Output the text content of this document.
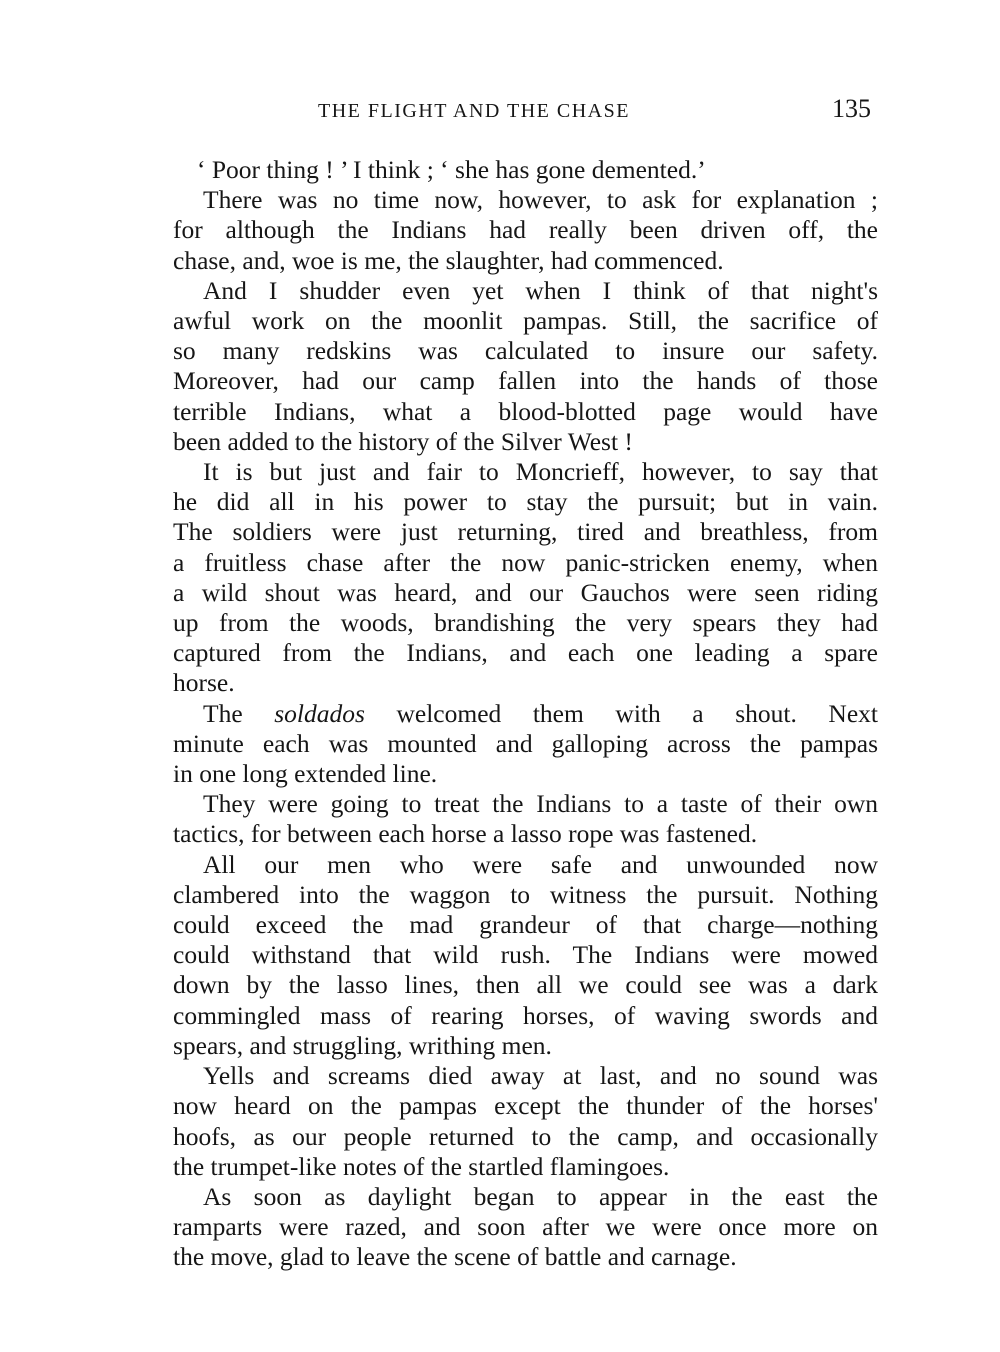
THE FLIGHT AND THE CHASE	135

‘ Poor thing ! ’ I think ; ‘ she has gone demented.’

There was no time now, however, to ask for explanation ;
for although the Indians had really been driven off, the
chase, and, woe is me, the slaughter, had commenced.

And I shudder even yet when I think of that night's
awful work on the moonlit pampas. Still, the sacrifice of
so many redskins was calculated to insure our safety.
Moreover, had our camp fallen into the hands of those
terrible Indians, what a blood-blotted page would have
been added to the history of the Silver West !

It is but just and fair to Moncrieff, however, to say that
he did all in his power to stay the pursuit; but in vain.
The soldiers were just returning, tired and breathless, from
a fruitless chase after the now panic-stricken enemy, when
a wild shout was heard, and our Gauchos were seen riding
up from the woods, brandishing the very spears they had
captured from the Indians, and each one leading a spare
horse.

The soldados welcomed them with a shout. Next
minute each was mounted and galloping across the pampas
in one long extended line.

They were going to treat the Indians to a taste of their own
tactics, for between each horse a lasso rope was fastened.

All our men who were safe and unwounded now
clambered into the waggon to witness the pursuit. Nothing
could exceed the mad grandeur of that charge—nothing
could withstand that wild rush. The Indians were mowed
down by the lasso lines, then all we could see was a dark
commingled mass of rearing horses, of waving swords and
spears, and struggling, writhing men.

Yells and screams died away at last, and no sound was
now heard on the pampas except the thunder of the horses'
hoofs, as our people returned to the camp, and occasionally
the trumpet-like notes of the startled flamingoes.

As soon as daylight began to appear in the east the
ramparts were razed, and soon after we were once more on
the move, glad to leave the scene of battle and carnage.
